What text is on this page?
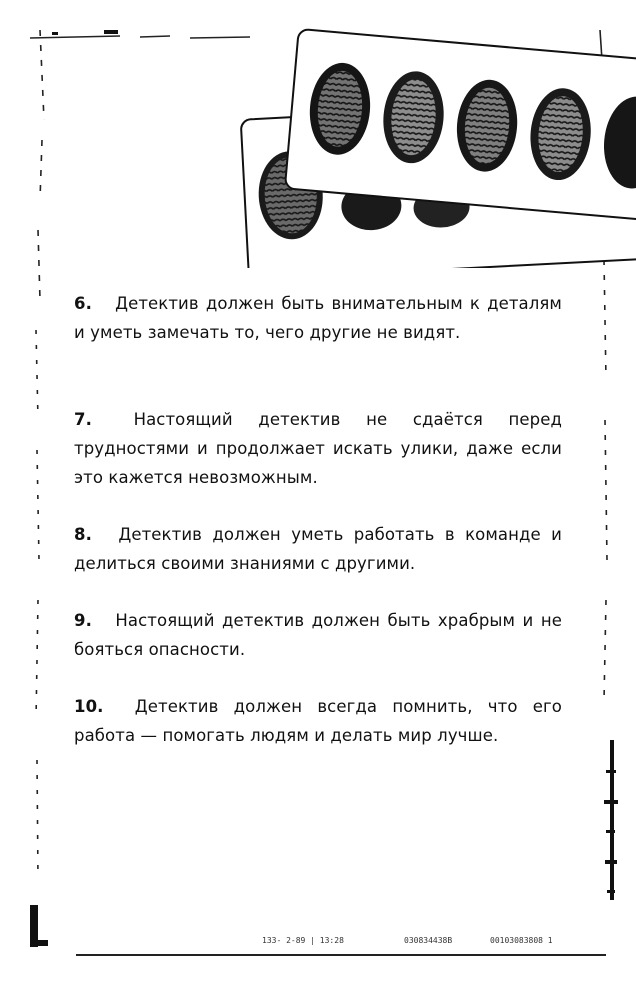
6. Детектив должен быть внимательным к деталям и уметь замечать то, чего другие не видят.

7.	Настоящий детектив не сдаётся перед трудностями и продолжает искать улики, даже если это кажется невозможным.

8. Детектив должен уметь работать в команде и делиться своими знаниями с другими.

9. Настоящий детектив должен быть храбрым и не бояться опасности.

10. Детектив должен всегда помнить, что его работа — помогать людям и делать мир лучше.

133- 2-89 | 13:28	030834438B	00103083808 1
